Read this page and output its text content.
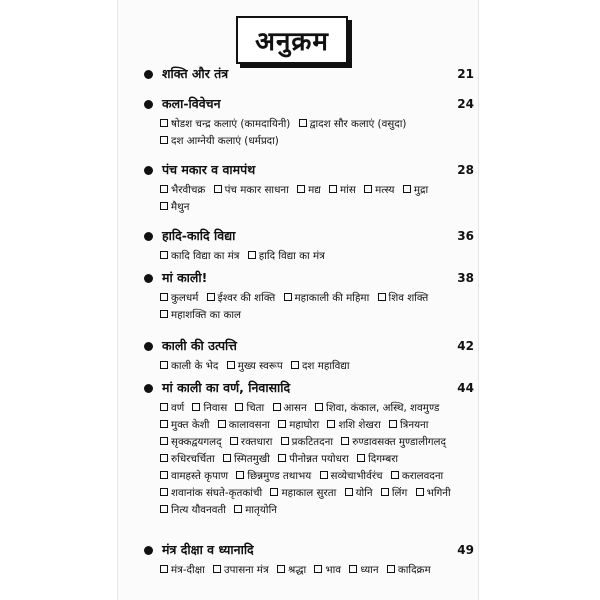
अनुक्रम
शक्ति और तंत्र	21
कला-विवेचन	24
षोडश चन्द्र कलाएं (कामदायिनी) द्वादश सौर कलाएं (वसुदा) दश आग्नेयी कलाएं (धर्मप्रदा)
पंच मकार व वामपंथ	28
भैरवीचक्र पंच मकार साधना मद्य मांस मत्स्य मुद्रा मैथुन
हादि-कादि विद्या	36
कादि विद्या का मंत्र हादि विद्या का मंत्र
मां काली!	38
कुलधर्म ईश्वर की शक्ति महाकाली की महिमा शिव शक्ति महाशक्ति का काल
काली की उत्पत्ति	42
काली के भेद मुख्य स्वरूप दश महाविद्या
मां काली का वर्ण, निवासादि	44
वर्ण निवास चिता आसन शिवा, कंकाल, अस्थि, शवमुण्ड मुक्त केशी कालावसना महाघोरा शशि शेखरा त्रिनयना सृक्कद्वयगलद् रक्तधारा प्रकटितदना रुण्डावसक्त मुण्डालीगलद् रुधिरचर्चिता स्मितमुखी पीनोन्नत पयोधरा दिगम्बरा वामहस्ते कृपाण छिन्नमुण्ड तथाभय सव्येचाभीर्वरंच करालवदना शवानांक संघते-कृतकांची महाकाल सुरता योनि लिंग भगिनी नित्य यौवनवती मातृयोनि
मंत्र दीक्षा व ध्यानादि	49
मंत्र-दीक्षा उपासना मंत्र श्रद्धा भाव ध्यान कादिक्रम
